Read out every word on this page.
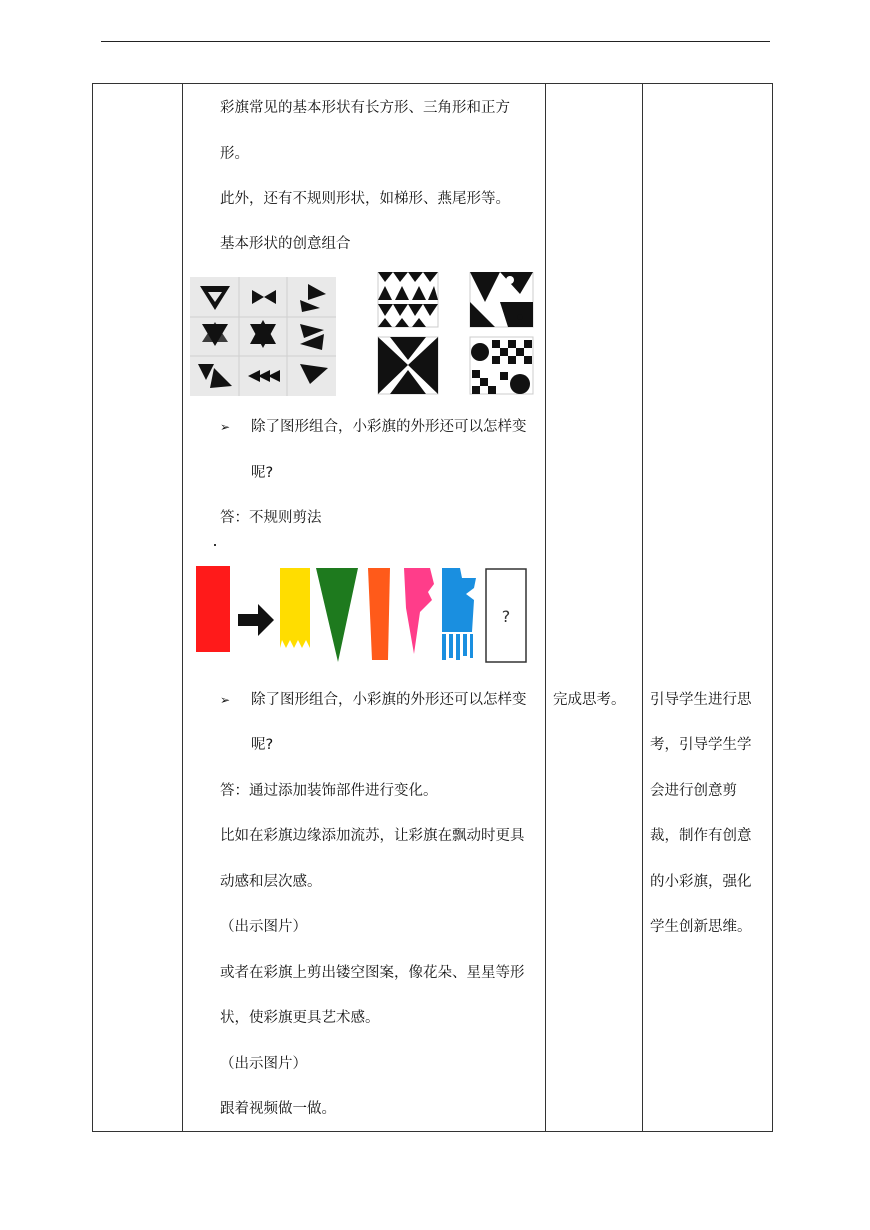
彩旗常见的基本形状有长方形、三角形和正方
形。
此外，还有不规则形状，如梯形、燕尾形等。
基本形状的创意组合
➢ 除了图形组合，小彩旗的外形还可以怎样变
呢?
答：不规则剪法
?
➢ 除了图形组合，小彩旗的外形还可以怎样变
呢?
答：通过添加装饰部件进行变化。
比如在彩旗边缘添加流苏，让彩旗在飘动时更具
动感和层次感。
（出示图片）
或者在彩旗上剪出镂空图案，像花朵、星星等形
状，使彩旗更具艺术感。
（出示图片）
跟着视频做一做。
完成思考。 引导学生进行思
考，引导学生学
会进行创意剪
裁，制作有创意
的小彩旗，强化
学生创新思维。
